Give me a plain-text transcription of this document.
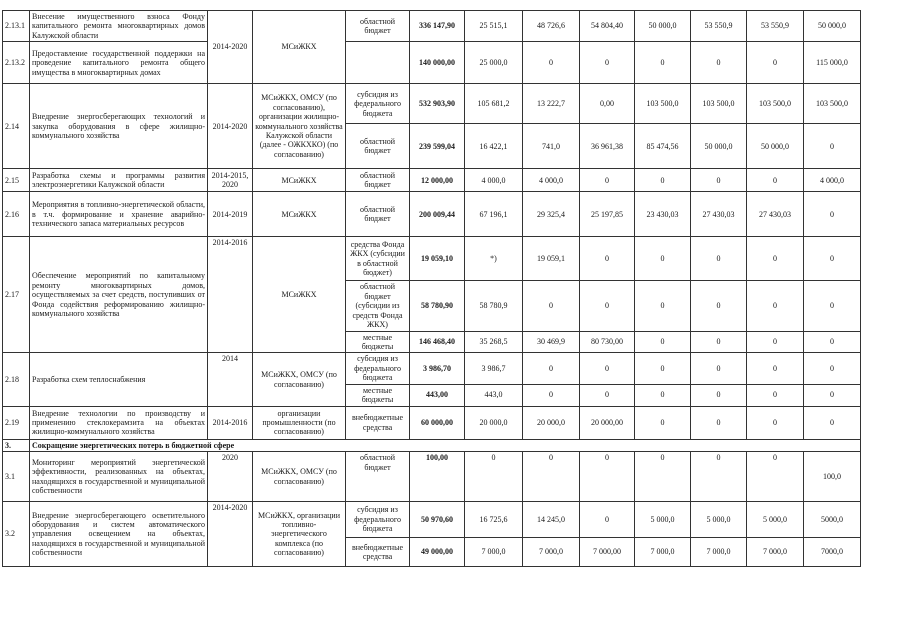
2.13.1	Внесение имущественного взноса Фонду капитального ремонта многоквартирных домов Калужской области	2014-2020	МСиЖКХ	областной бюджет	336 147,90	25 515,1	48 726,6	54 804,40	50 000,0	53 550,9	53 550,9	50 000,0
2.13.2	Предоставление государственной поддержки на проведение капитального ремонта общего имущества в многоквартирных домах				140 000,00	25 000,0	0	0	0	0	0	115 000,0
2.14	Внедрение энергосберегающих технологий и закупка оборудования в сфере жилищно-коммунального хозяйства	2014-2020	МСиЖКХ, ОМСУ (по согласованию), организации жилищно-коммунального хозяйства Калужской области (далее - ОЖКХКО) (по согласованию)	субсидия из федерального бюджета	532 903,90	105 681,2	13 222,7	0,00	103 500,0	103 500,0	103 500,0	103 500,0
				областной бюджет	239 599,04	16 422,1	741,0	36 961,38	85 474,56	50 000,0	50 000,0	0
2.15	Разработка схемы и программы развития электроэнергетики Калужской области	2014-2015, 2020	МСиЖКХ	областной бюджет	12 000,00	4 000,0	4 000,0	0	0	0	0	4 000,0
2.16	Мероприятия в топливно-энергетической области, в т.ч. формирование и хранение аварийно-технического запаса материальных ресурсов	2014-2019	МСиЖКХ	областной бюджет	200 009,44	67 196,1	29 325,4	25 197,85	23 430,03	27 430,03	27 430,03	0
2.17	Обеспечение мероприятий по капитальному ремонту многоквартирных домов, осуществляемых за счет средств, поступивших от Фонда содействия реформированию жилищно-коммунального хозяйства	2014-2016	МСиЖКХ	средства Фонда ЖКХ (субсидии в областной бюджет)	19 059,10	*)	19 059,1	0	0	0	0	0
				областной бюджет (субсидии из средств Фонда ЖКХ)	58 780,90	58 780,9	0	0	0	0	0	0
				местные бюджеты	146 468,40	35 268,5	30 469,9	80 730,00	0	0	0	0
2.18	Разработка схем теплоснабжения	2014	МСиЖКХ, ОМСУ (по согласованию)	субсидия из федерального бюджета	3 986,70	3 986,7	0	0	0	0	0	0
				местные бюджеты	443,00	443,0	0	0	0	0	0	0
2.19	Внедрение технологии по производству и применению стеклокерамзита на объектах жилищно-коммунального хозяйства	2014-2016	организации промышленности (по согласованию)	внебюджетные средства	60 000,00	20 000,0	20 000,0	20 000,00	0	0	0	0
3.	Сокращение энергетических потерь в бюджетной сфере											
3.1	Мониторинг мероприятий энергетической эффективности, реализованных на объектах, находящихся в государственной и муниципальной собственности	2020	МСиЖКХ, ОМСУ (по согласованию)	областной бюджет	100,00	0	0	0	0	0	0	100,0
3.2	Внедрение энергосберегающего осветительного оборудования и систем автоматического управления освещением на объектах, находящихся в государственной и муниципальной собственности	2014-2020	МСиЖКХ, организации топливно-энергетического комплекса (по согласованию)	субсидия из федерального бюджета	50 970,60	16 725,6	14 245,0	0	5 000,0	5 000,0	5 000,0	5000,0
				внебюджетные средства	49 000,00	7 000,0	7 000,0	7 000,00	7 000,0	7 000,0	7 000,0	7000,0
